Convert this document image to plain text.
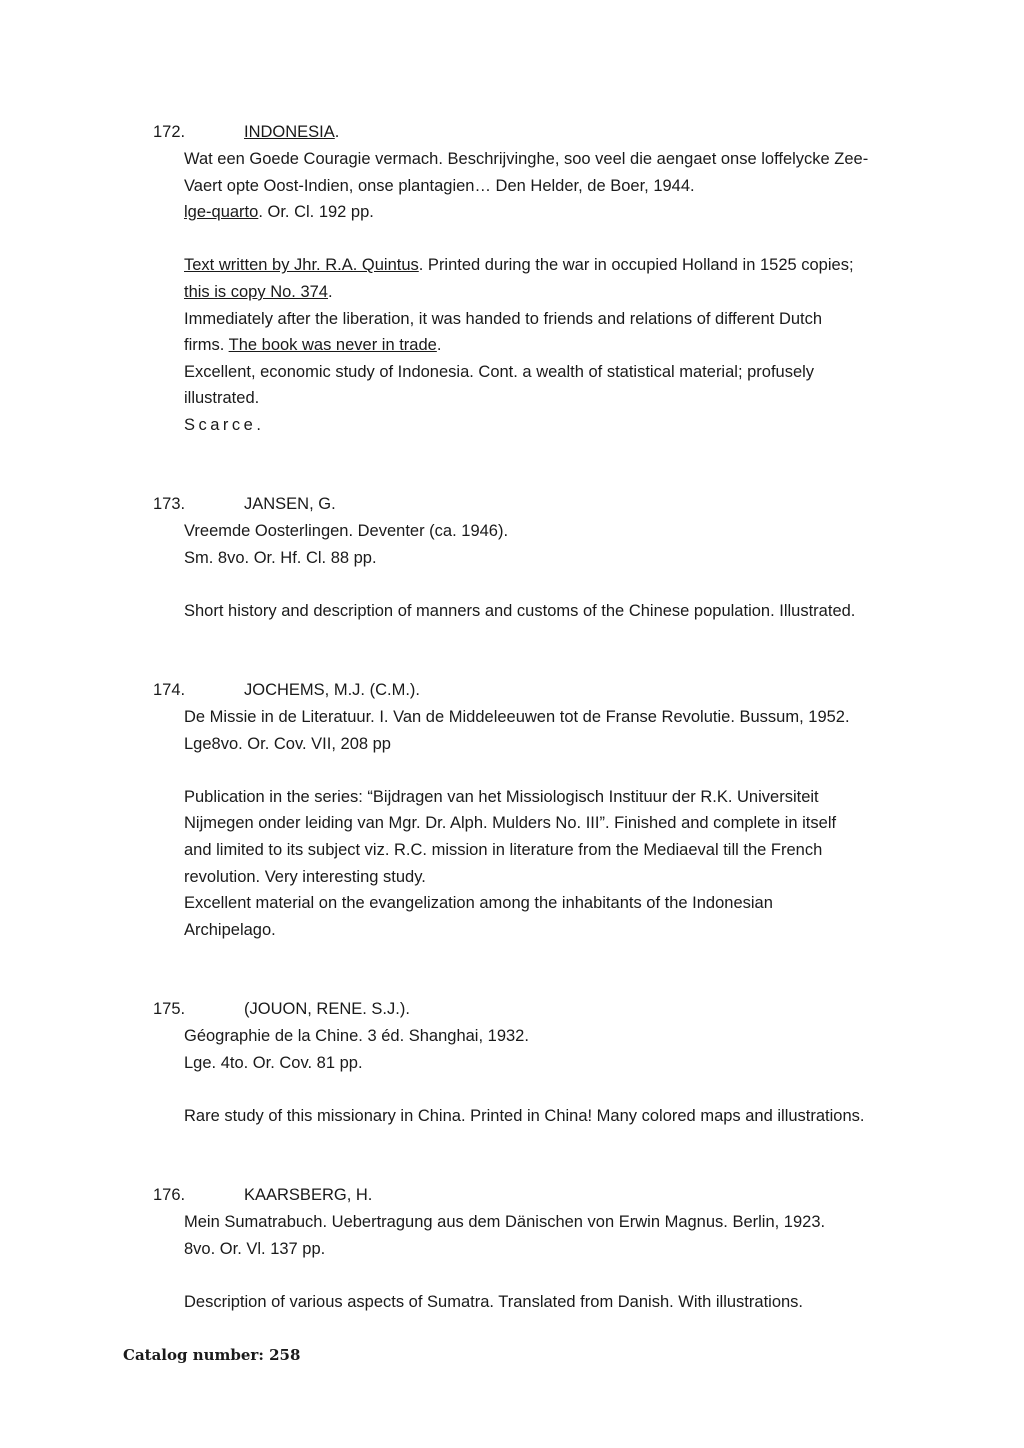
172.	INDONESIA.
Wat een Goede Couragie vermach. Beschrijvinghe, soo veel die aengaet onse loffelycke Zee-
Vaert opte Oost-Indien, onse plantagien… Den Helder, de Boer, 1944.
lge-quarto. Or. Cl. 192 pp.
Text written by Jhr. R.A. Quintus. Printed during the war in occupied Holland in 1525 copies;
this is copy No. 374.
Immediately after the liberation, it was handed to friends and relations of different Dutch
firms. The book was never in trade.
Excellent, economic study of Indonesia. Cont. a wealth of statistical material; profusely
illustrated.
Scarce.
173.	JANSEN, G.
Vreemde Oosterlingen. Deventer (ca. 1946).
Sm. 8vo. Or. Hf. Cl. 88 pp.
Short history and description of manners and customs of the Chinese population. Illustrated.
174.	JOCHEMS, M.J. (C.M.).
De Missie in de Literatuur. I. Van de Middeleeuwen tot de Franse Revolutie. Bussum, 1952.
Lge8vo. Or. Cov. VII, 208 pp
Publication in the series: “Bijdragen van het Missiologisch Instituur der R.K. Universiteit
Nijmegen onder leiding van Mgr. Dr. Alph. Mulders No. III”. Finished and complete in itself
and limited to its subject viz. R.C. mission in literature from the Mediaeval till the French
revolution. Very interesting study.
Excellent material on the evangelization among the inhabitants of the Indonesian
Archipelago.
175.	(JOUON, RENE. S.J.).
Géographie de la Chine. 3 éd. Shanghai, 1932.
Lge. 4to. Or. Cov. 81 pp.
Rare study of this missionary in China. Printed in China! Many colored maps and illustrations.
176.	KAARSBERG, H.
Mein Sumatrabuch. Uebertragung aus dem Dänischen von Erwin Magnus. Berlin, 1923.
8vo. Or. Vl. 137 pp.
Description of various aspects of Sumatra. Translated from Danish. With illustrations.
Catalog number: 258
